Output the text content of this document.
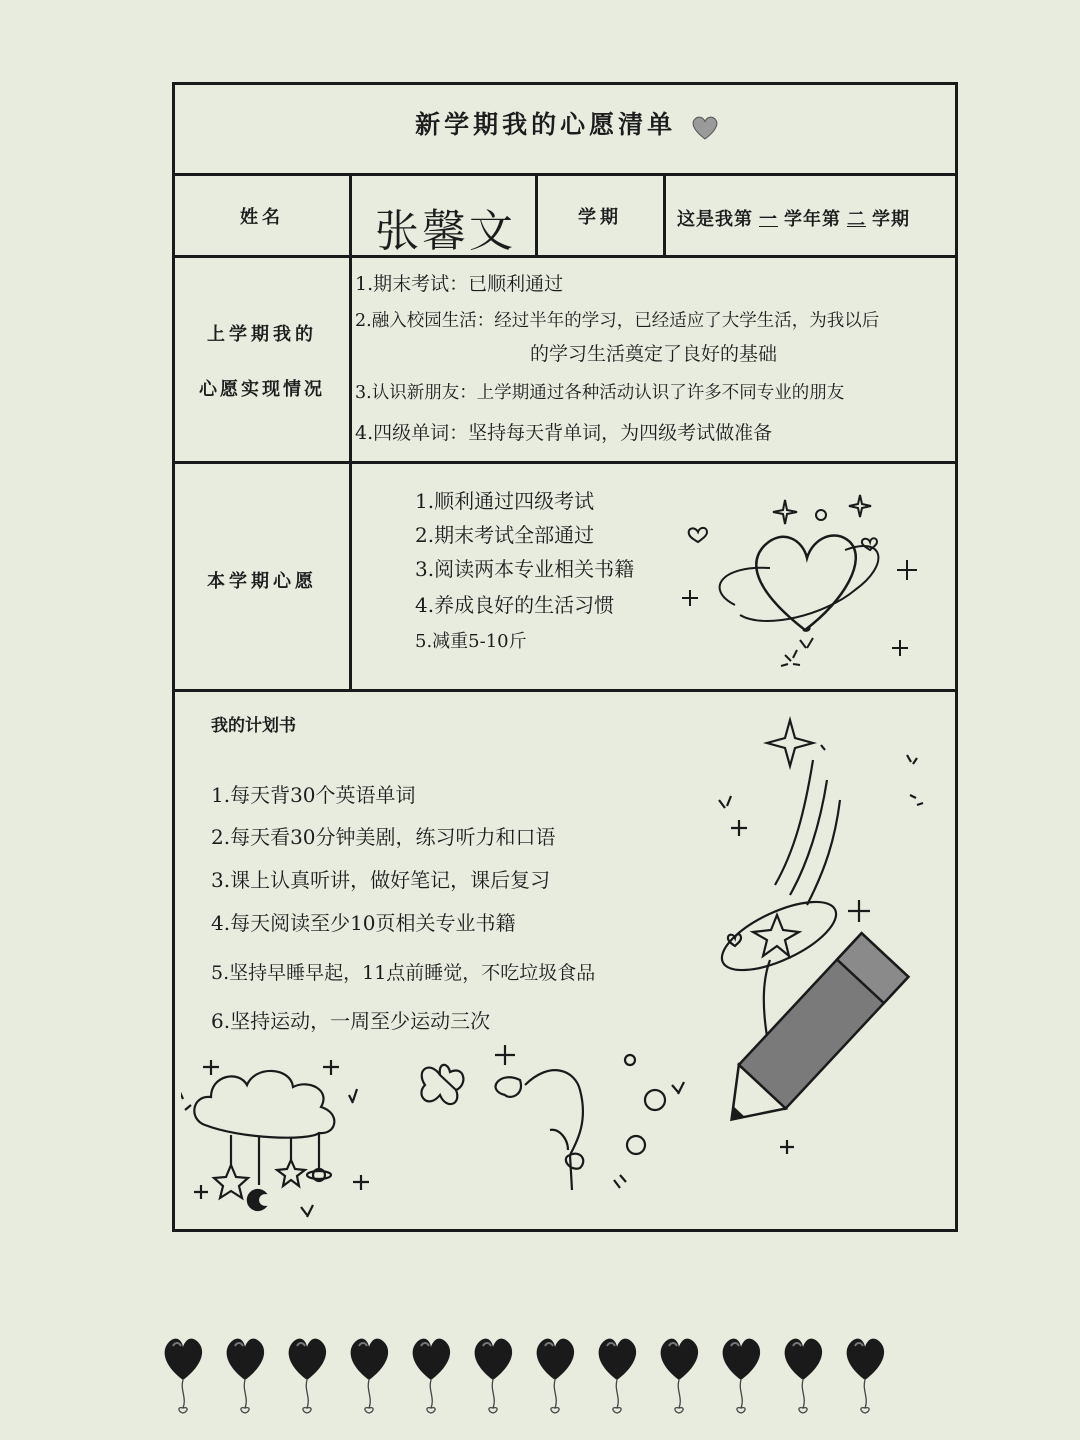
新学期我的心愿清单
姓名	张馨文	学期	这是我第 一 学年第 二 学期
上学期我的
心愿实现情况
1.期末考试：已顺利通过
2.融入校园生活：经过半年的学习，已经适应了大学生活，为我以后
的学习生活奠定了良好的基础
3.认识新朋友：上学期通过各种活动认识了许多不同专业的朋友
4.四级单词：坚持每天背单词，为四级考试做准备
本学期心愿
1.顺利通过四级考试
2.期末考试全部通过
3.阅读两本专业相关书籍
4.养成良好的生活习惯
5.减重5-10斤
我的计划书
1.每天背30个英语单词
2.每天看30分钟美剧，练习听力和口语
3.课上认真听讲，做好笔记，课后复习
4.每天阅读至少10页相关专业书籍
5.坚持早睡早起，11点前睡觉，不吃垃圾食品
6.坚持运动，一周至少运动三次
